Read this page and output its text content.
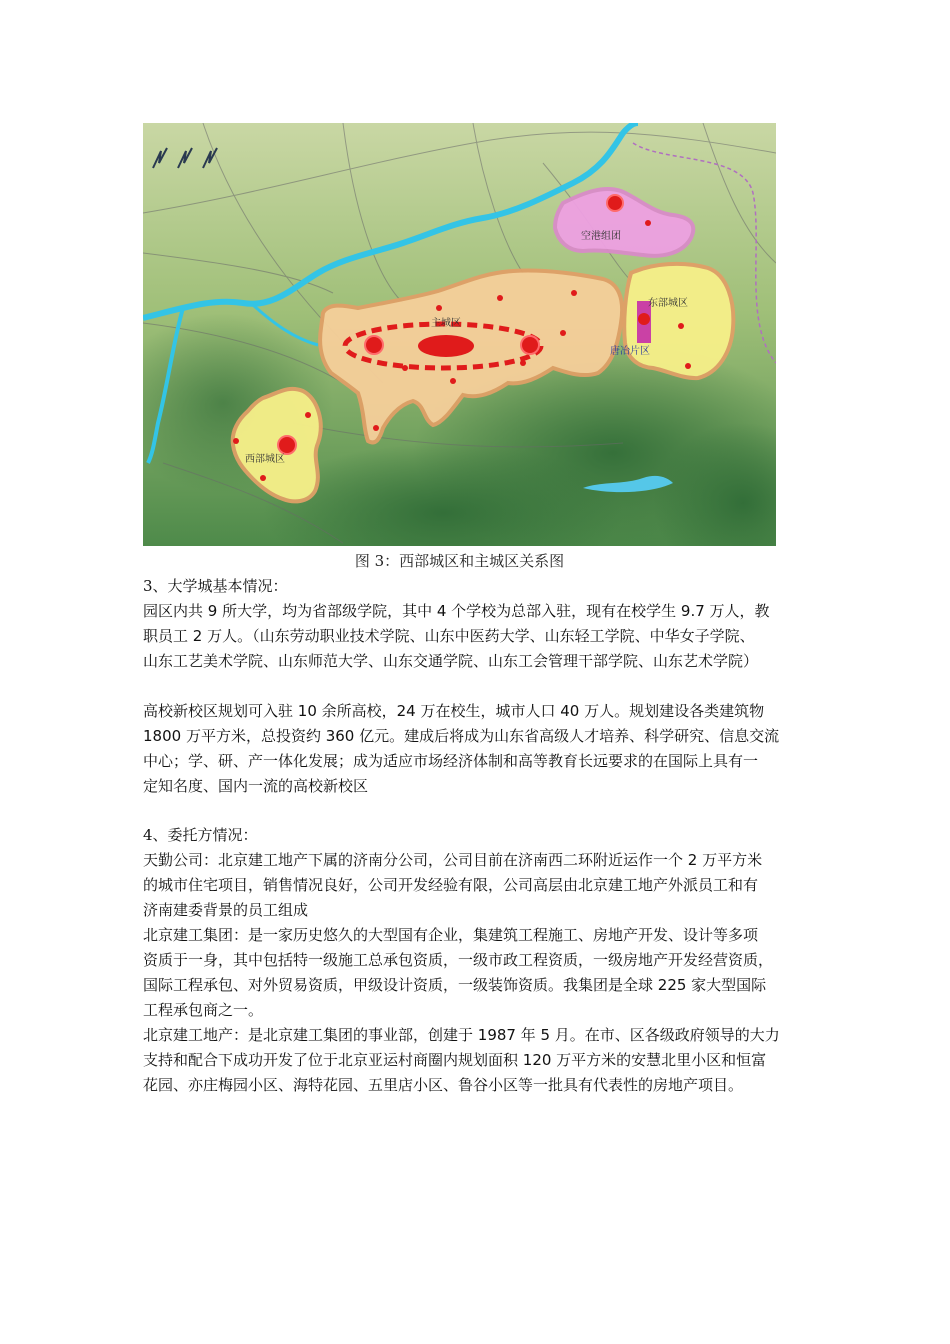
主城区
空港组团
东部城区
唐冶片区
西部城区
图 3：西部城区和主城区关系图

3、大学城基本情况：

园区内共 9 所大学，均为省部级学院，其中 4 个学校为总部入驻，现有在校学生 9.7 万人，教

职员工 2 万人。（山东劳动职业技术学院、山东中医药大学、山东轻工学院、中华女子学院、

山东工艺美术学院、山东师范大学、山东交通学院、山东工会管理干部学院、山东艺术学院）

高校新校区规划可入驻 10 余所高校，24 万在校生，城市人口 40 万人。规划建设各类建筑物

1800 万平方米，总投资约 360 亿元。建成后将成为山东省高级人才培养、科学研究、信息交流

中心；学、研、产一体化发展；成为适应市场经济体制和高等教育长远要求的在国际上具有一

定知名度、国内一流的高校新校区

4、委托方情况：

天勤公司：北京建工地产下属的济南分公司，公司目前在济南西二环附近运作一个 2 万平方米

的城市住宅项目，销售情况良好，公司开发经验有限，公司高层由北京建工地产外派员工和有

济南建委背景的员工组成

北京建工集团：是一家历史悠久的大型国有企业，集建筑工程施工、房地产开发、设计等多项

资质于一身，其中包括特一级施工总承包资质，一级市政工程资质，一级房地产开发经营资质，

国际工程承包、对外贸易资质，甲级设计资质，一级装饰资质。我集团是全球 225 家大型国际

工程承包商之一。

北京建工地产：是北京建工集团的事业部，创建于 1987 年 5 月。在市、区各级政府领导的大力

支持和配合下成功开发了位于北京亚运村商圈内规划面积 120 万平方米的安慧北里小区和恒富

花园、亦庄梅园小区、海特花园、五里店小区、鲁谷小区等一批具有代表性的房地产项目。
